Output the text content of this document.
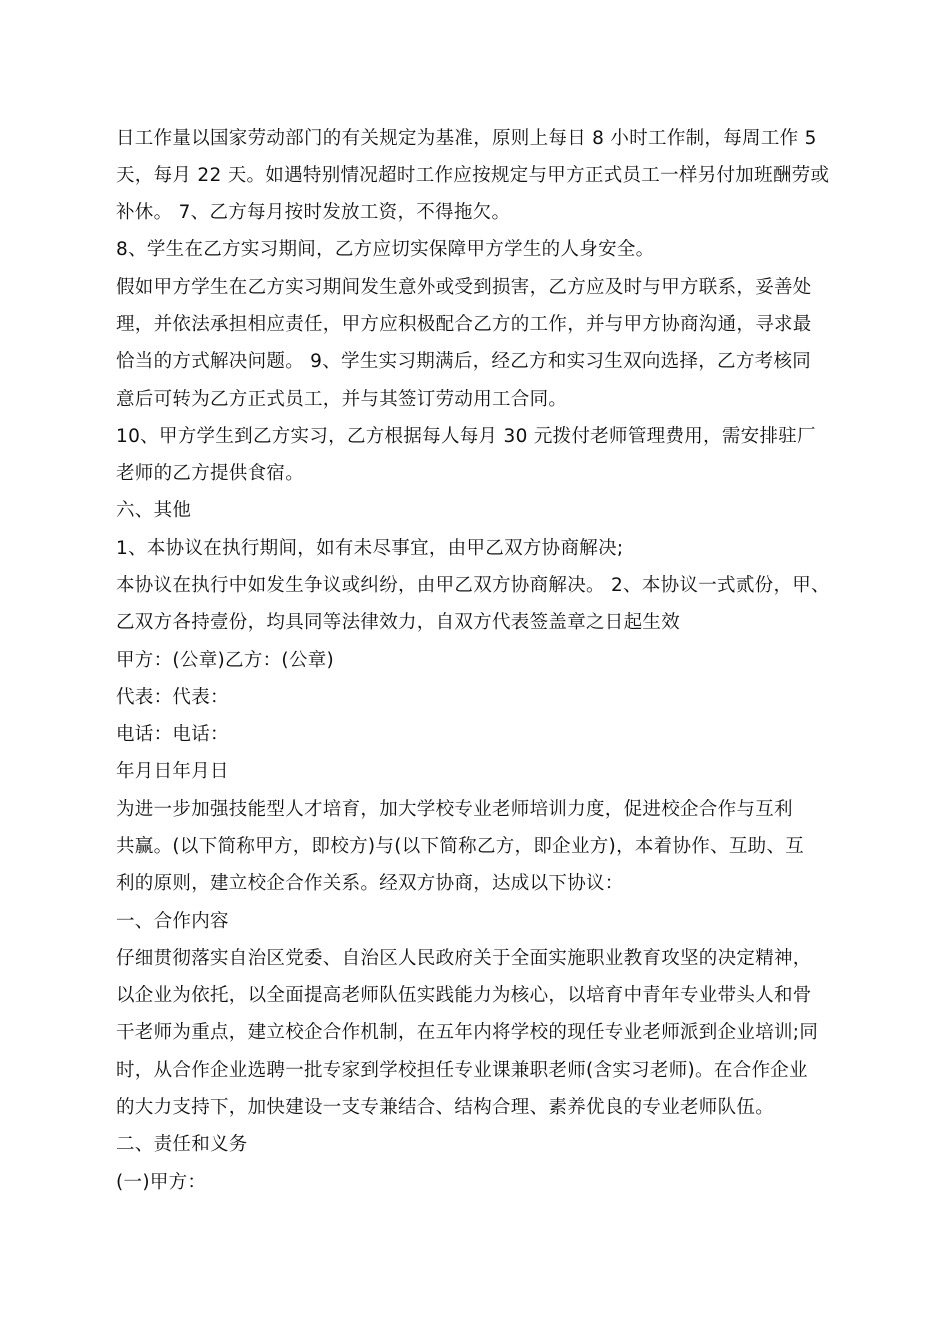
日工作量以国家劳动部门的有关规定为基准，原则上每日 8 小时工作制，每周工作 5
天，每月 22 天。如遇特别情况超时工作应按规定与甲方正式员工一样另付加班酬劳或
补休。 7、乙方每月按时发放工资，不得拖欠。
8、学生在乙方实习期间，乙方应切实保障甲方学生的人身安全。
假如甲方学生在乙方实习期间发生意外或受到损害，乙方应及时与甲方联系，妥善处
理，并依法承担相应责任，甲方应积极配合乙方的工作，并与甲方协商沟通，寻求最
恰当的方式解决问题。 9、学生实习期满后，经乙方和实习生双向选择，乙方考核同
意后可转为乙方正式员工，并与其签订劳动用工合同。
10、甲方学生到乙方实习，乙方根据每人每月 30 元拨付老师管理费用，需安排驻厂
老师的乙方提供食宿。
六、其他
1、本协议在执行期间，如有未尽事宜，由甲乙双方协商解决;
本协议在执行中如发生争议或纠纷，由甲乙双方协商解决。 2、本协议一式贰份，甲、
乙双方各持壹份，均具同等法律效力，自双方代表签盖章之日起生效
甲方：(公章)乙方：(公章)
代表：代表：
电话：电话：
年月日年月日
为进一步加强技能型人才培育，加大学校专业老师培训力度，促进校企合作与互利
共赢。(以下简称甲方，即校方)与(以下简称乙方，即企业方)，本着协作、互助、互
利的原则，建立校企合作关系。经双方协商，达成以下协议：
一、合作内容
仔细贯彻落实自治区党委、自治区人民政府关于全面实施职业教育攻坚的决定精神，
以企业为依托，以全面提高老师队伍实践能力为核心，以培育中青年专业带头人和骨
干老师为重点，建立校企合作机制，在五年内将学校的现任专业老师派到企业培训;同
时，从合作企业选聘一批专家到学校担任专业课兼职老师(含实习老师)。在合作企业
的大力支持下，加快建设一支专兼结合、结构合理、素养优良的专业老师队伍。
二、责任和义务
(一)甲方：
